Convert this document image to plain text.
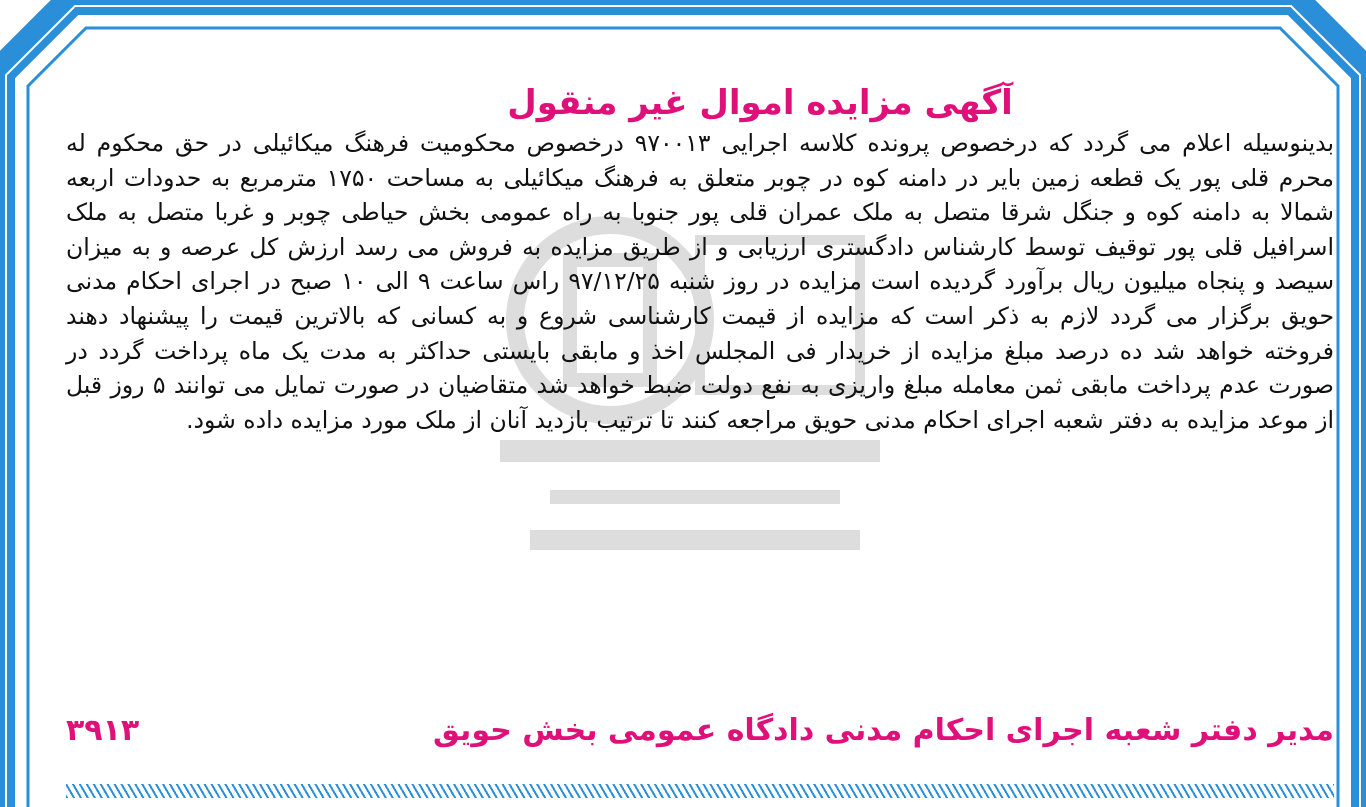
آگهی مزایده اموال غیر منقول

بدینوسیله اعلام می گردد که درخصوص پرونده کلاسه اجرایی ۹۷۰۰۱۳ درخصوص محکومیت فرهنگ میکائیلی در حق محکوم له محرم قلی پور یک قطعه زمین بایر در دامنه کوه در چوبر متعلق به فرهنگ میکائیلی به مساحت ۱۷۵۰ مترمربع به حدودات اربعه شمالا به دامنه کوه و جنگل شرقا متصل به ملک عمران قلی پور جنوبا به راه عمومی بخش حیاطی چوبر و غربا متصل به ملک اسرافیل قلی پور توقیف توسط کارشناس دادگستری ارزیابی و از طریق مزایده به فروش می رسد ارزش کل عرصه و به میزان سیصد و پنجاه میلیون ریال برآورد گردیده است مزایده در روز شنبه ۹۷/۱۲/۲۵ راس ساعت ۹ الی ۱۰ صبح در اجرای احکام مدنی حویق برگزار می گردد لازم به ذکر است که مزایده از قیمت کارشناسی شروع و به کسانی که بالاترین قیمت را پیشنهاد دهند فروخته خواهد شد ده درصد مبلغ مزایده از خریدار فی المجلس اخذ و مابقی بایستی حداکثر به مدت یک ماه پرداخت گردد در صورت عدم پرداخت مابقی ثمن معامله مبلغ واریزی به نفع دولت ضبط خواهد شد متقاضیان در صورت تمایل می توانند ۵ روز قبل از موعد مزایده به دفتر شعبه اجرای احکام مدنی حویق مراجعه کنند تا ترتیب بازدید آنان از ملک مورد مزایده داده شود.

مدیر دفتر شعبه اجرای احکام مدنی دادگاه عمومی بخش حویق
۳۹۱۳
